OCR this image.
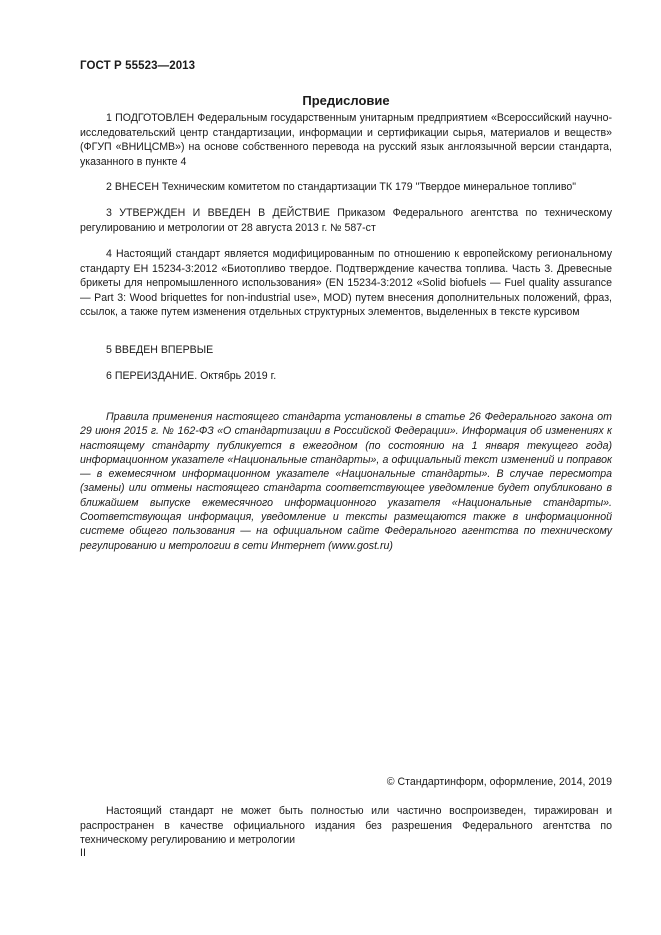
ГОСТ Р 55523—2013
Предисловие

1 ПОДГОТОВЛЕН Федеральным государственным унитарным предприятием «Всероссийский научно-исследовательский центр стандартизации, информации и сертификации сырья, материалов и веществ» (ФГУП «ВНИЦСМВ») на основе собственного перевода на русский язык англоязычной версии стандарта, указанного в пункте 4

2 ВНЕСЕН Техническим комитетом по стандартизации ТК 179 "Твердое минеральное топливо"

3 УТВЕРЖДЕН И ВВЕДЕН В ДЕЙСТВИЕ Приказом Федерального агентства по техническому регулированию и метрологии от 28 августа 2013 г. № 587-ст

4 Настоящий стандарт является модифицированным по отношению к европейскому региональному стандарту ЕН 15234-3:2012 «Биотопливо твердое. Подтверждение качества топлива. Часть 3. Древесные брикеты для непромышленного использования» (EN 15234-3:2012 «Solid biofuels — Fuel quality assurance — Part 3: Wood briquettes for non-industrial use», MOD) путем внесения дополнительных положений, фраз, ссылок, а также путем изменения отдельных структурных элементов, выделенных в тексте курсивом

5 ВВЕДЕН ВПЕРВЫЕ

6 ПЕРЕИЗДАНИЕ. Октябрь 2019 г.

Правила применения настоящего стандарта установлены в статье 26 Федерального закона от 29 июня 2015 г. № 162-ФЗ «О стандартизации в Российской Федерации». Информация об изменениях к настоящему стандарту публикуется в ежегодном (по состоянию на 1 января текущего года) информационном указателе «Национальные стандарты», а официальный текст изменений и поправок — в ежемесячном информационном указателе «Национальные стандарты». В случае пересмотра (замены) или отмены настоящего стандарта соответствующее уведомление будет опубликовано в ближайшем выпуске ежемесячного информационного указателя «Национальные стандарты». Соответствующая информация, уведомление и тексты размещаются также в информационной системе общего пользования — на официальном сайте Федерального агентства по техническому регулированию и метрологии в сети Интернет (www.gost.ru)

© Стандартинформ, оформление, 2014, 2019

Настоящий стандарт не может быть полностью или частично воспроизведен, тиражирован и распространен в качестве официального издания без разрешения Федерального агентства по техническому регулированию и метрологии

II
